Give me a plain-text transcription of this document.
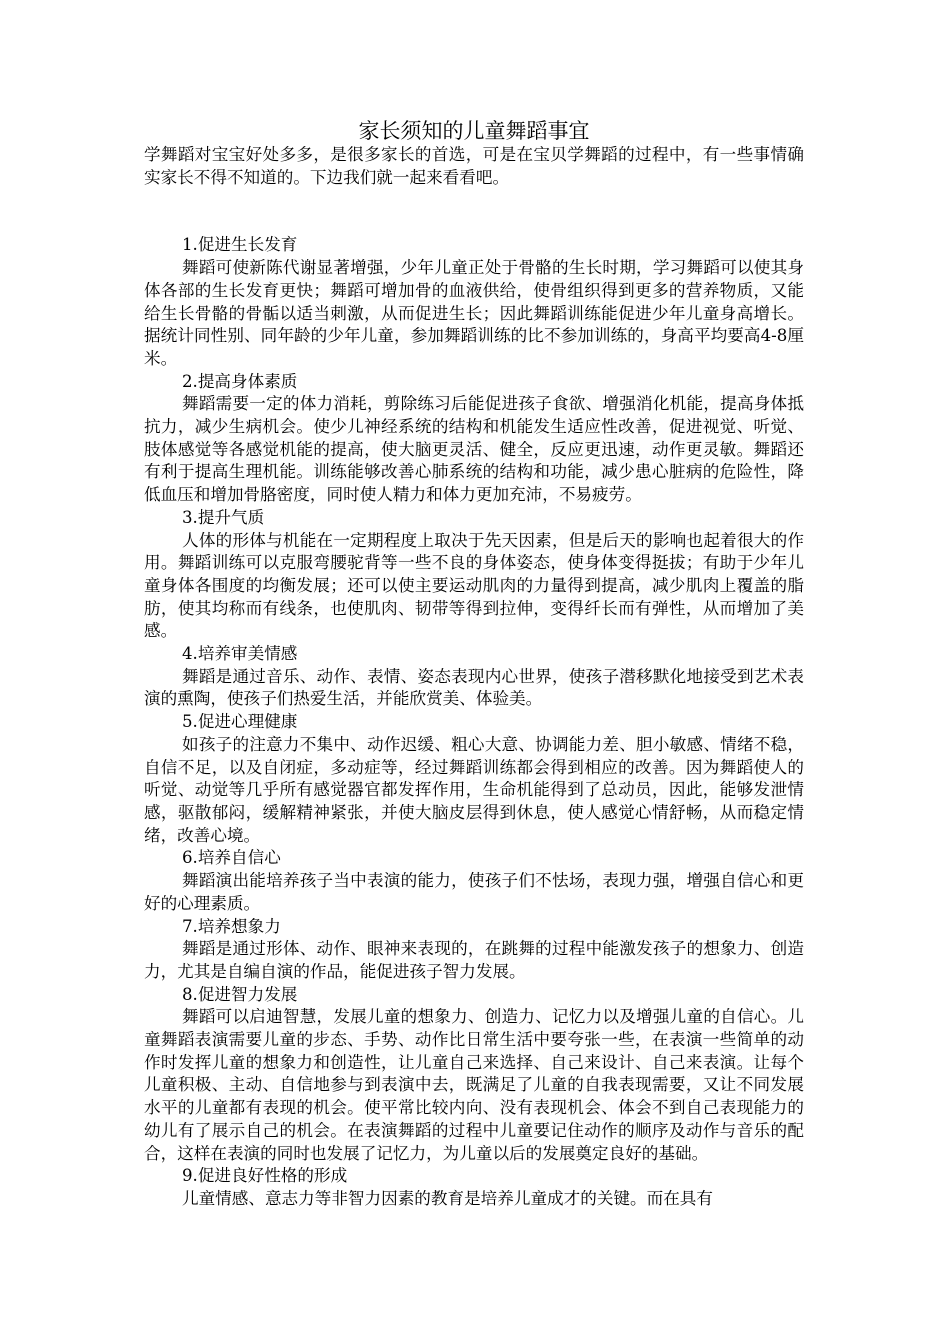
家长须知的儿童舞蹈事宜

学舞蹈对宝宝好处多多，是很多家长的首选，可是在宝贝学舞蹈的过程中，有一些事情确实家长不得不知道的。下边我们就一起来看看吧。

1.促进生长发育

舞蹈可使新陈代谢显著增强，少年儿童正处于骨骼的生长时期，学习舞蹈可以使其身体各部的生长发育更快；舞蹈可增加骨的血液供给，使骨组织得到更多的营养物质，又能给生长骨骼的骨骺以适当刺激，从而促进生长；因此舞蹈训练能促进少年儿童身高增长。据统计同性别、同年龄的少年儿童，参加舞蹈训练的比不参加训练的，身高平均要高4-8厘米。

2.提高身体素质

舞蹈需要一定的体力消耗，剪除练习后能促进孩子食欲、增强消化机能，提高身体抵抗力，减少生病机会。使少儿神经系统的结构和机能发生适应性改善，促进视觉、听觉、肢体感觉等各感觉机能的提高，使大脑更灵活、健全，反应更迅速，动作更灵敏。舞蹈还有利于提高生理机能。训练能够改善心肺系统的结构和功能，减少患心脏病的危险性，降低血压和增加骨胳密度，同时使人精力和体力更加充沛，不易疲劳。

3.提升气质

人体的形体与机能在一定期程度上取决于先天因素，但是后天的影响也起着很大的作用。舞蹈训练可以克服弯腰驼背等一些不良的身体姿态，使身体变得挺拔；有助于少年儿童身体各围度的均衡发展；还可以使主要运动肌肉的力量得到提高，减少肌肉上覆盖的脂肪，使其均称而有线条，也使肌肉、韧带等得到拉伸，变得纤长而有弹性，从而增加了美感。

4.培养审美情感

舞蹈是通过音乐、动作、表情、姿态表现内心世界，使孩子潜移默化地接受到艺术表演的熏陶，使孩子们热爱生活，并能欣赏美、体验美。

5.促进心理健康

如孩子的注意力不集中、动作迟缓、粗心大意、协调能力差、胆小敏感、情绪不稳，自信不足，以及自闭症，多动症等，经过舞蹈训练都会得到相应的改善。因为舞蹈使人的听觉、动觉等几乎所有感觉器官都发挥作用，生命机能得到了总动员，因此，能够发泄情感，驱散郁闷，缓解精神紧张，并使大脑皮层得到休息，使人感觉心情舒畅，从而稳定情绪，改善心境。

6.培养自信心

舞蹈演出能培养孩子当中表演的能力，使孩子们不怯场，表现力强，增强自信心和更好的心理素质。

7.培养想象力

舞蹈是通过形体、动作、眼神来表现的，在跳舞的过程中能激发孩子的想象力、创造力，尤其是自编自演的作品，能促进孩子智力发展。

8.促进智力发展

舞蹈可以启迪智慧，发展儿童的想象力、创造力、记忆力以及增强儿童的自信心。儿童舞蹈表演需要儿童的步态、手势、动作比日常生活中要夸张一些，在表演一些简单的动作时发挥儿童的想象力和创造性，让儿童自己来选择、自己来设计、自己来表演。让每个儿童积极、主动、自信地参与到表演中去，既满足了儿童的自我表现需要，又让不同发展水平的儿童都有表现的机会。使平常比较内向、没有表现机会、体会不到自己表现能力的幼儿有了展示自己的机会。在表演舞蹈的过程中儿童要记住动作的顺序及动作与音乐的配合，这样在表演的同时也发展了记忆力，为儿童以后的发展奠定良好的基础。

9.促进良好性格的形成

儿童情感、意志力等非智力因素的教育是培养儿童成才的关键。而在具有
